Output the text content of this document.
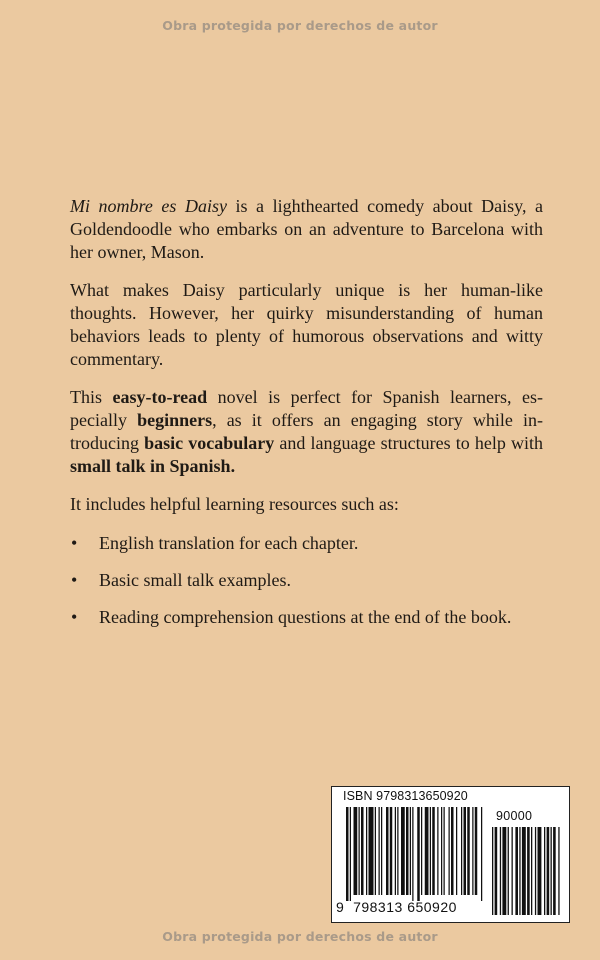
Obra protegida por derechos de autor

Mi nombre es Daisy is a lighthearted comedy about Daisy, a Goldendoodle who embarks on an adventure to Barcelona with her owner, Mason.

What makes Daisy particularly unique is her human-like thoughts. However, her quirky misunderstanding of human behaviors leads to plenty of humorous observations and witty commentary.

This easy-to-read novel is perfect for Spanish learners, especially beginners, as it offers an engaging story while introducing basic vocabulary and language structures to help with small talk in Spanish.

It includes helpful learning resources such as:

• English translation for each chapter.
• Basic small talk examples.
• Reading comprehension questions at the end of the book.
ISBN 9798313650920
90000
9 798313 650920
Obra protegida por derechos de autor
